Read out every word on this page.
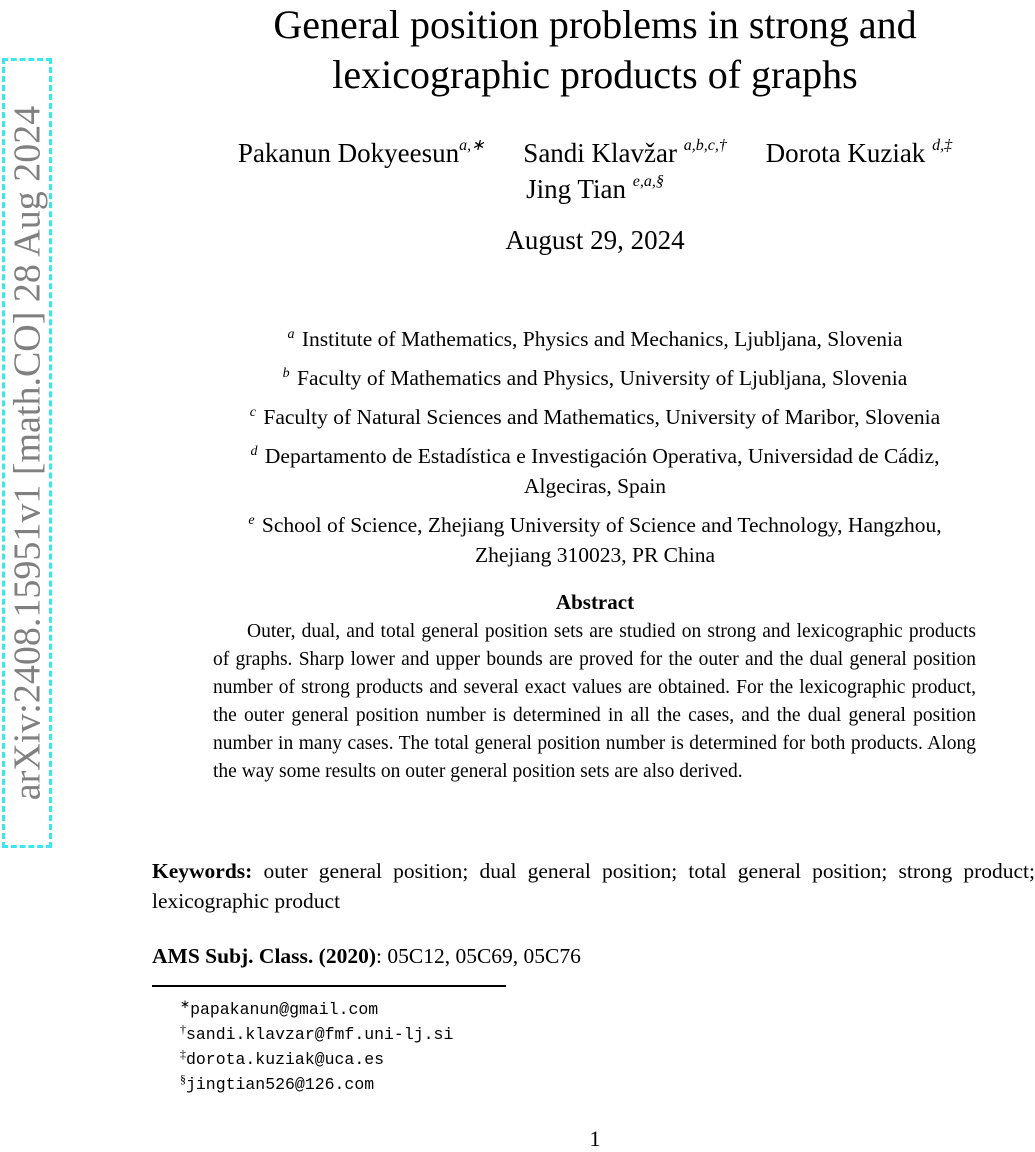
arXiv:2408.15951v1 [math.CO] 28 Aug 2024
General position problems in strong and
lexicographic products of graphs
Pakanun Dokyeesun$^{a,∗}$ Sandi Klavžar $^{a,b,c,\dagger}$ Dorota Kuziak $^{d,\ddagger}$
Jing Tian $^{e,a,\S}$
August 29, 2024
$^a$ Institute of Mathematics, Physics and Mechanics, Ljubljana, Slovenia
$^b$ Faculty of Mathematics and Physics, University of Ljubljana, Slovenia
$^c$ Faculty of Natural Sciences and Mathematics, University of Maribor, Slovenia
$^d$ Departamento de Estadística e Investigación Operativa, Universidad de Cádiz,
Algeciras, Spain
$^e$ School of Science, Zhejiang University of Science and Technology, Hangzhou,
Zhejiang 310023, PR China
Abstract
Outer, dual, and total general position sets are studied on strong and lexicographic products of graphs. Sharp lower and upper bounds are proved for the outer and the dual general position number of strong products and several exact values are obtained. For the lexicographic product, the outer general position number is determined in all the cases, and the dual general position number in many cases. The total general position number is determined for both products. Along the way some results on outer general position sets are also derived.
Keywords: outer general position; dual general position; total general position; strong product; lexicographic product
AMS Subj. Class. (2020): 05C12, 05C69, 05C76
∗papakanun@gmail.com
†sandi.klavzar@fmf.uni-lj.si
‡dorota.kuziak@uca.es
§jingtian526@126.com
1
